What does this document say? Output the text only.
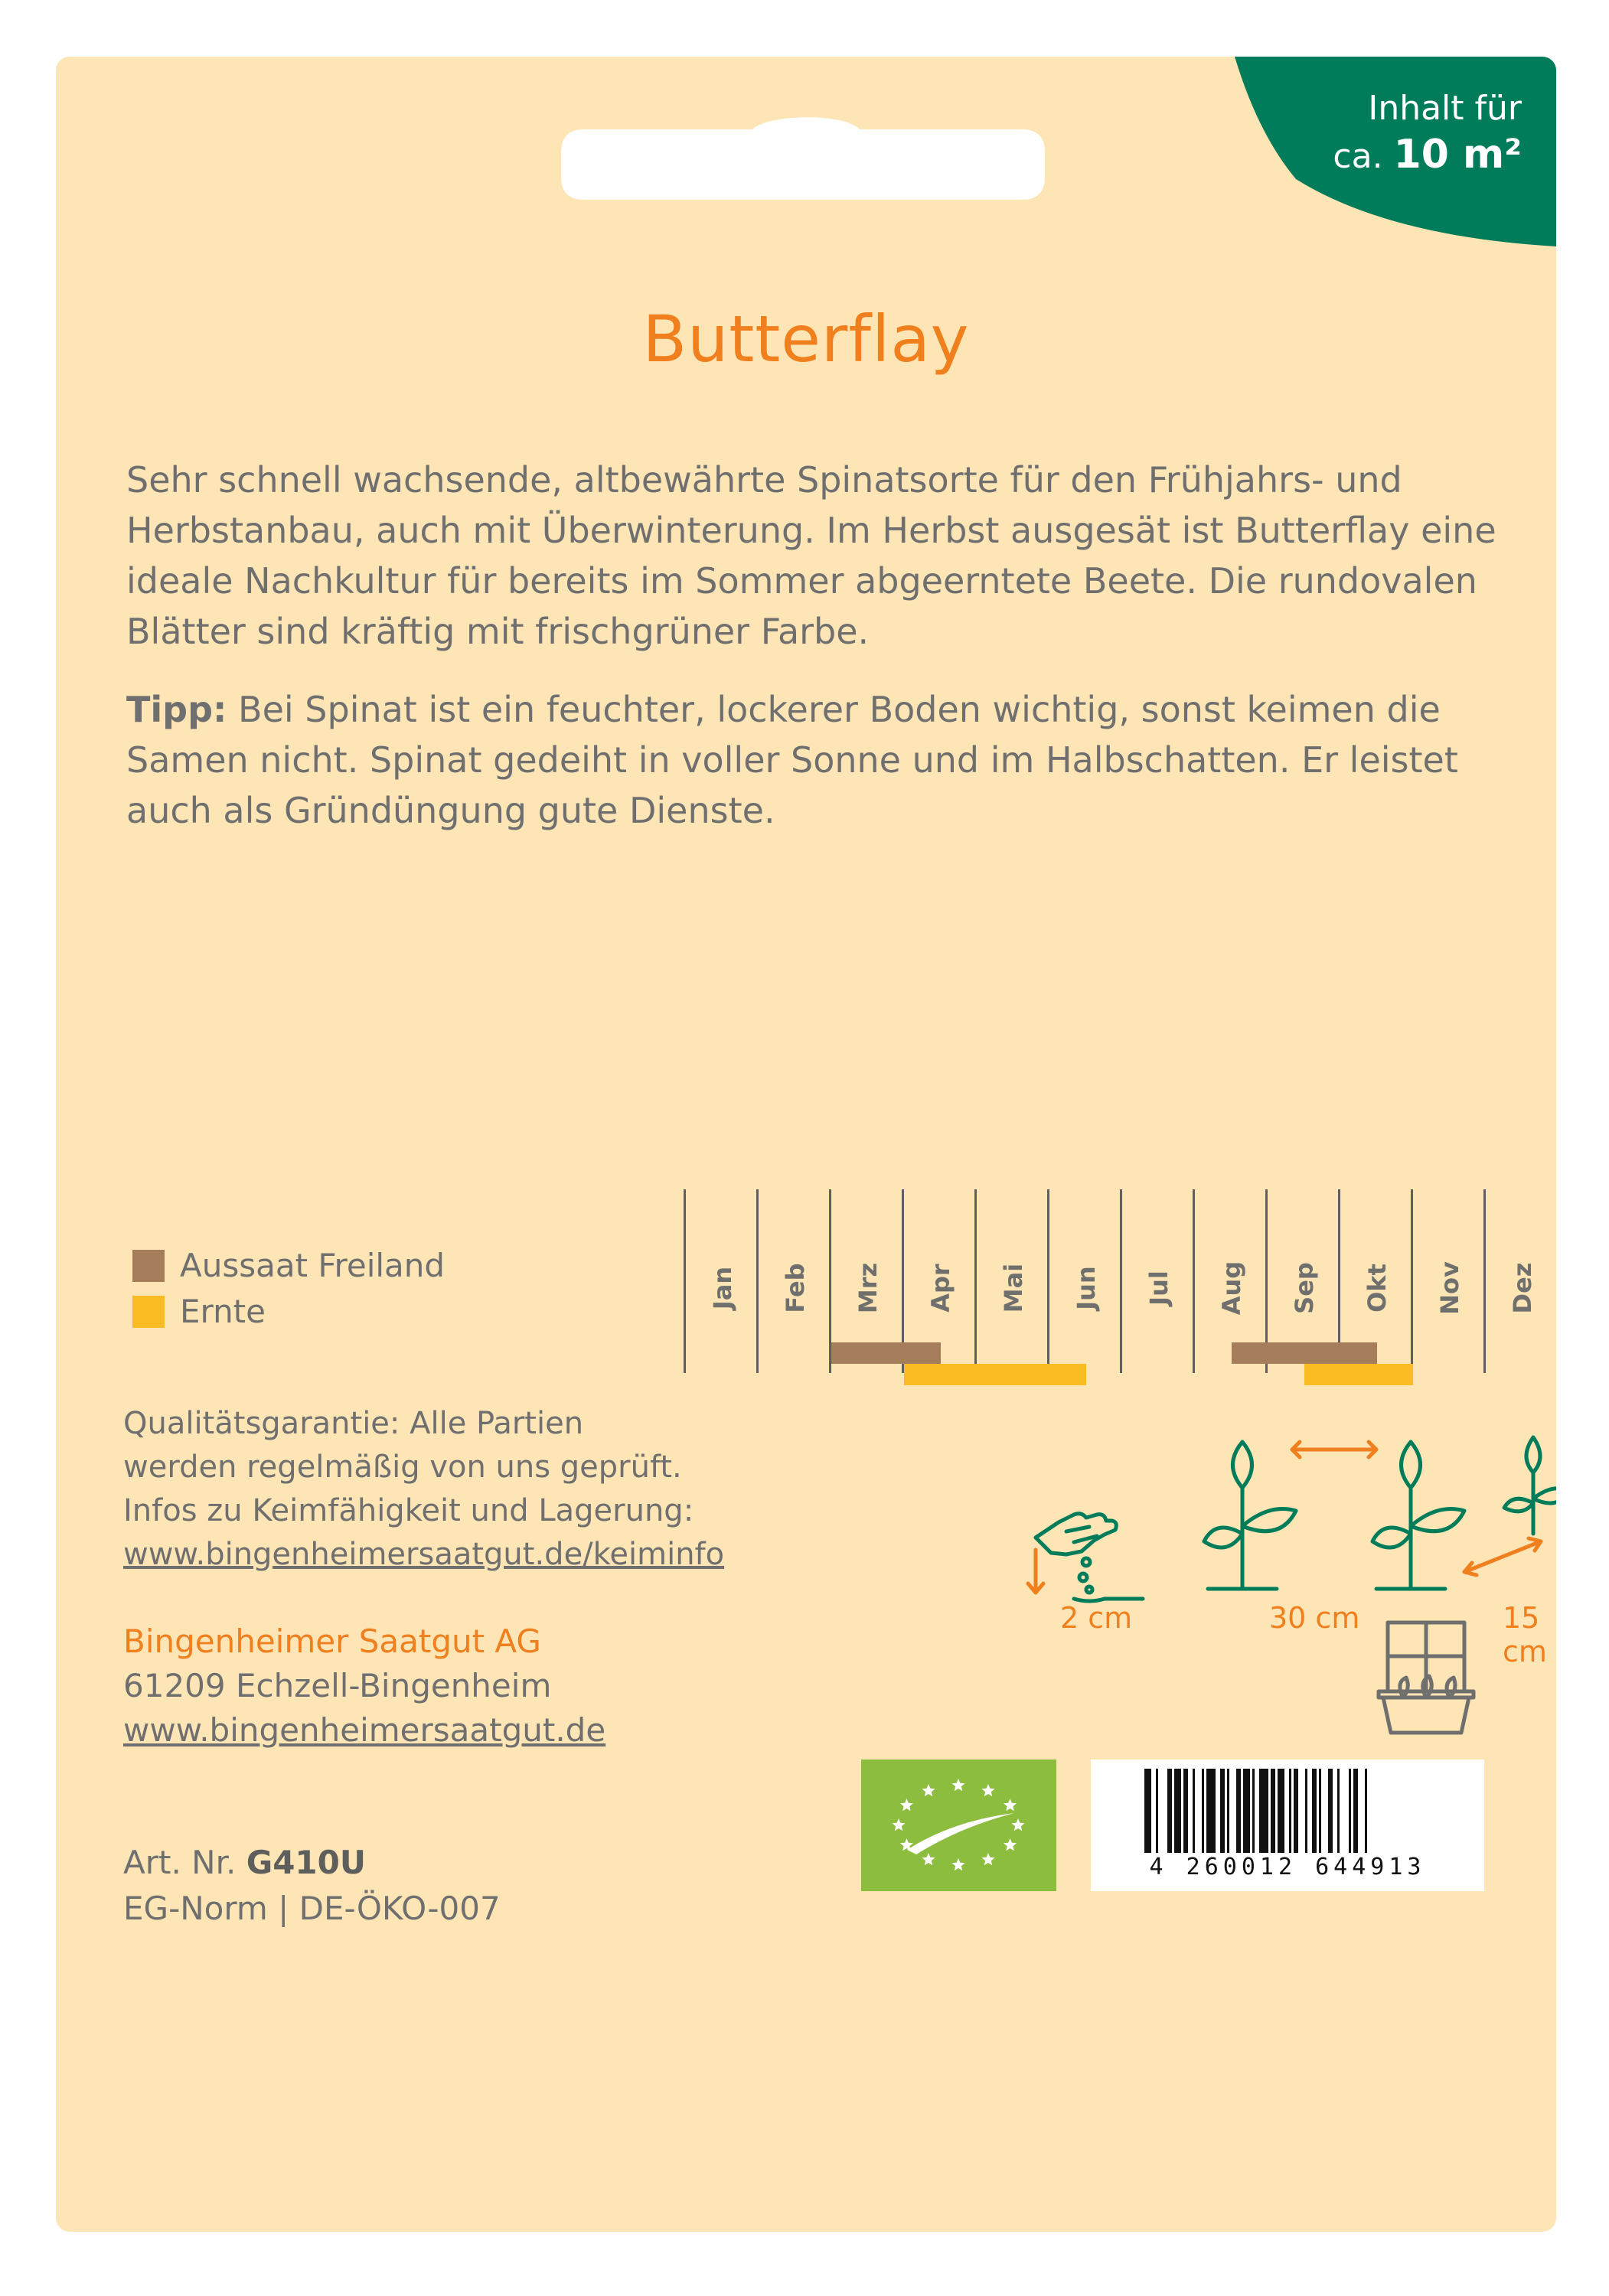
Inhalt für
ca. 10 m²
Butterflay

Sehr schnell wachsende, altbewährte Spinatsorte für den Frühjahrs- und Herbstanbau, auch mit Überwinterung. Im Herbst ausgesät ist Butterflay eine ideale Nachkultur für bereits im Sommer abgeerntete Beete. Die rundovalen Blätter sind kräftig mit frischgrüner Farbe.

Tipp: Bei Spinat ist ein feuchter, lockerer Boden wichtig, sonst keimen die Samen nicht. Spinat gedeiht in voller Sonne und im Halbschatten. Er leistet auch als Gründüngung gute Dienste.

Aussaat Freiland
Ernte
Jan Feb Mrz Apr Mai Jun Jul Aug Sep Okt Nov Dez
Qualitätsgarantie: Alle Partien
werden regelmäßig von uns geprüft.
Infos zu Keimfähigkeit und Lagerung:
www.bingenheimersaatgut.de/keiminfo
2 cm	30 cm	15 cm
Bingenheimer Saatgut AG
61209 Echzell-Bingenheim
www.bingenheimersaatgut.de
Art. Nr. G410U
EG-Norm | DE-ÖKO-007
4 260012 644913
